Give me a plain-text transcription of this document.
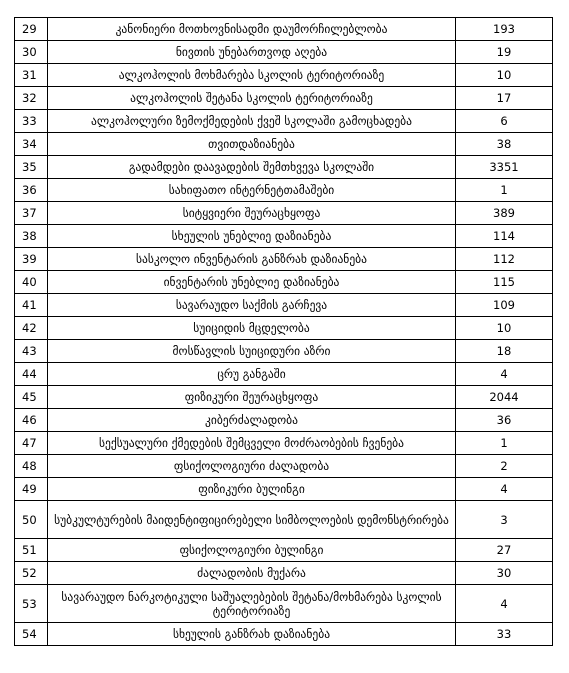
29	კანონიერი მოთხოვნისადმი დაუმორჩილებლობა	193
30	ნივთის უნებართვოდ აღება	19
31	ალკოჰოლის მოხმარება სკოლის ტერიტორიაზე	10
32	ალკოჰოლის შეტანა სკოლის ტერიტორიაზე	17
33	ალკოჰოლური ზემოქმედების ქვეშ სკოლაში გამოცხადება	6
34	თვითდაზიანება	38
35	გადამდები დაავადების შემთხვევა სკოლაში	3351
36	სახიფათო ინტერნეტთამაშები	1
37	სიტყვიერი შეურაცხყოფა	389
38	სხეულის უნებლიე დაზიანება	114
39	სასკოლო ინვენტარის განზრახ დაზიანება	112
40	ინვენტარის უნებლიე დაზიანება	115
41	სავარაუდო საქმის გარჩევა	109
42	სუიციდის მცდელობა	10
43	მოსწავლის სუიციდური აზრი	18
44	ცრუ განგაში	4
45	ფიზიკური შეურაცხყოფა	2044
46	კიბერძალადობა	36
47	სექსუალური ქმედების შემცველი მოძრაობების ჩვენება	1
48	ფსიქოლოგიური ძალადობა	2
49	ფიზიკური ბულინგი	4
50	სუბკულტურების მაიდენტიფიცირებელი სიმბოლოების დემონსტრირება	3
51	ფსიქოლოგიური ბულინგი	27
52	ძალადობის მუქარა	30
53	სავარაუდო ნარკოტიკული საშუალებების შეტანა/მოხმარება სკოლის ტერიტორიაზე	4
54	სხეულის განზრახ დაზიანება	33
